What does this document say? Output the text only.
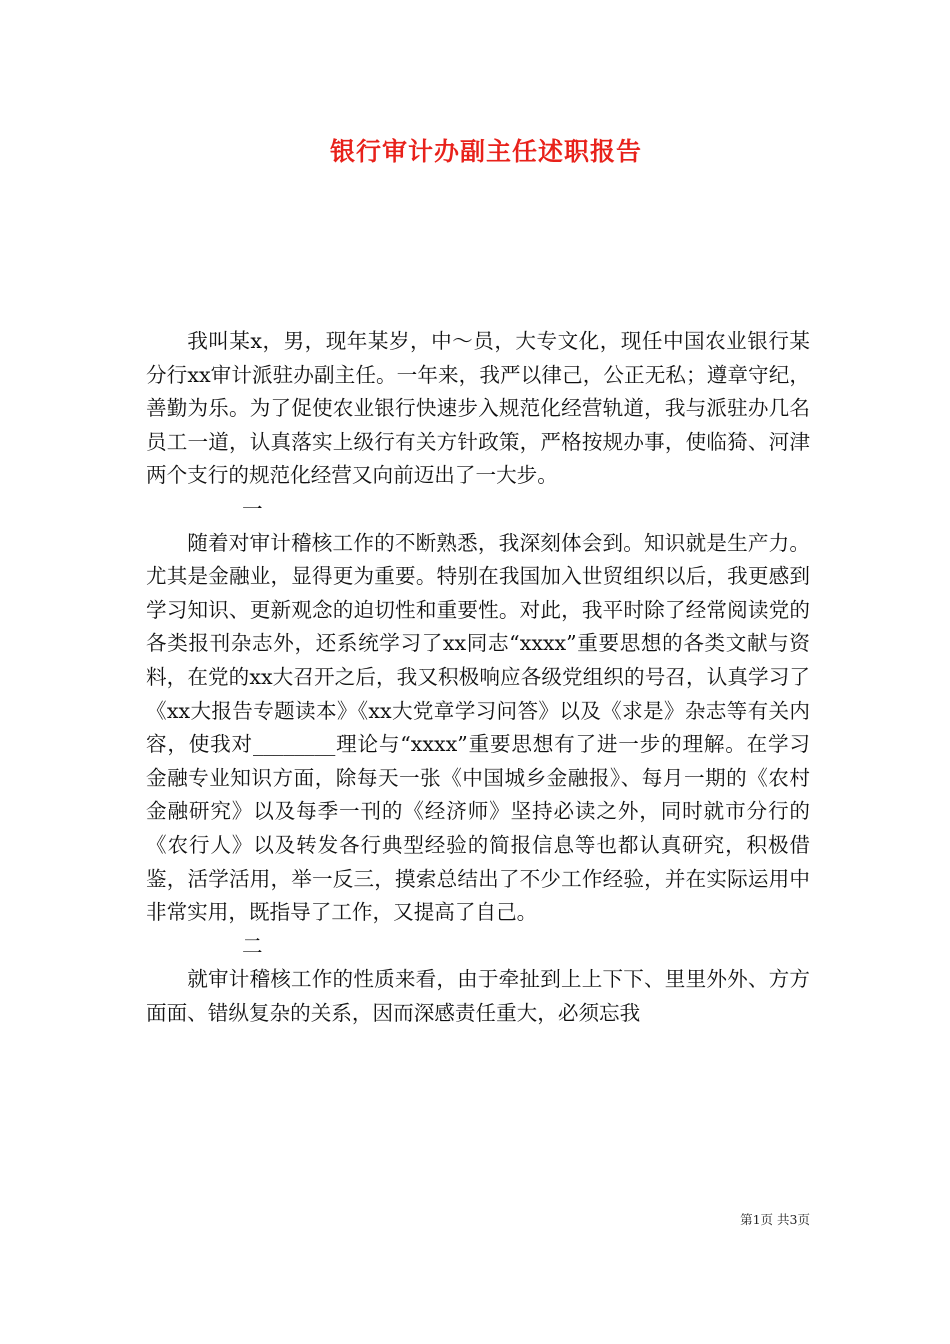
银行审计办副主任述职报告

我叫某x，男，现年某岁，中～员，大专文化，现任中国农业银行某分行xx审计派驻办副主任。一年来，我严以律己，公正无私；遵章守纪，善勤为乐。为了促使农业银行快速步入规范化经营轨道，我与派驻办几名员工一道，认真落实上级行有关方针政策，严格按规办事，使临猗、河津两个支行的规范化经营又向前迈出了一大步。

一

随着对审计稽核工作的不断熟悉，我深刻体会到。知识就是生产力。尤其是金融业，显得更为重要。特别在我国加入世贸组织以后，我更感到学习知识、更新观念的迫切性和重要性。对此，我平时除了经常阅读党的各类报刊杂志外，还系统学习了xx同志“xxxx”重要思想的各类文献与资料，在党的xx大召开之后，我又积极响应各级党组织的号召，认真学习了《xx大报告专题读本》《xx大党章学习问答》以及《求是》杂志等有关内容，使我对________理论与“xxxx”重要思想有了进一步的理解。在学习金融专业知识方面，除每天一张《中国城乡金融报》、每月一期的《农村金融研究》以及每季一刊的《经济师》坚持必读之外，同时就市分行的《农行人》以及转发各行典型经验的简报信息等也都认真研究，积极借鉴，活学活用，举一反三，摸索总结出了不少工作经验，并在实际运用中非常实用，既指导了工作，又提高了自己。

二

就审计稽核工作的性质来看，由于牵扯到上上下下、里里外外、方方面面、错纵复杂的关系，因而深感责任重大，必须忘我

第1页 共3页
